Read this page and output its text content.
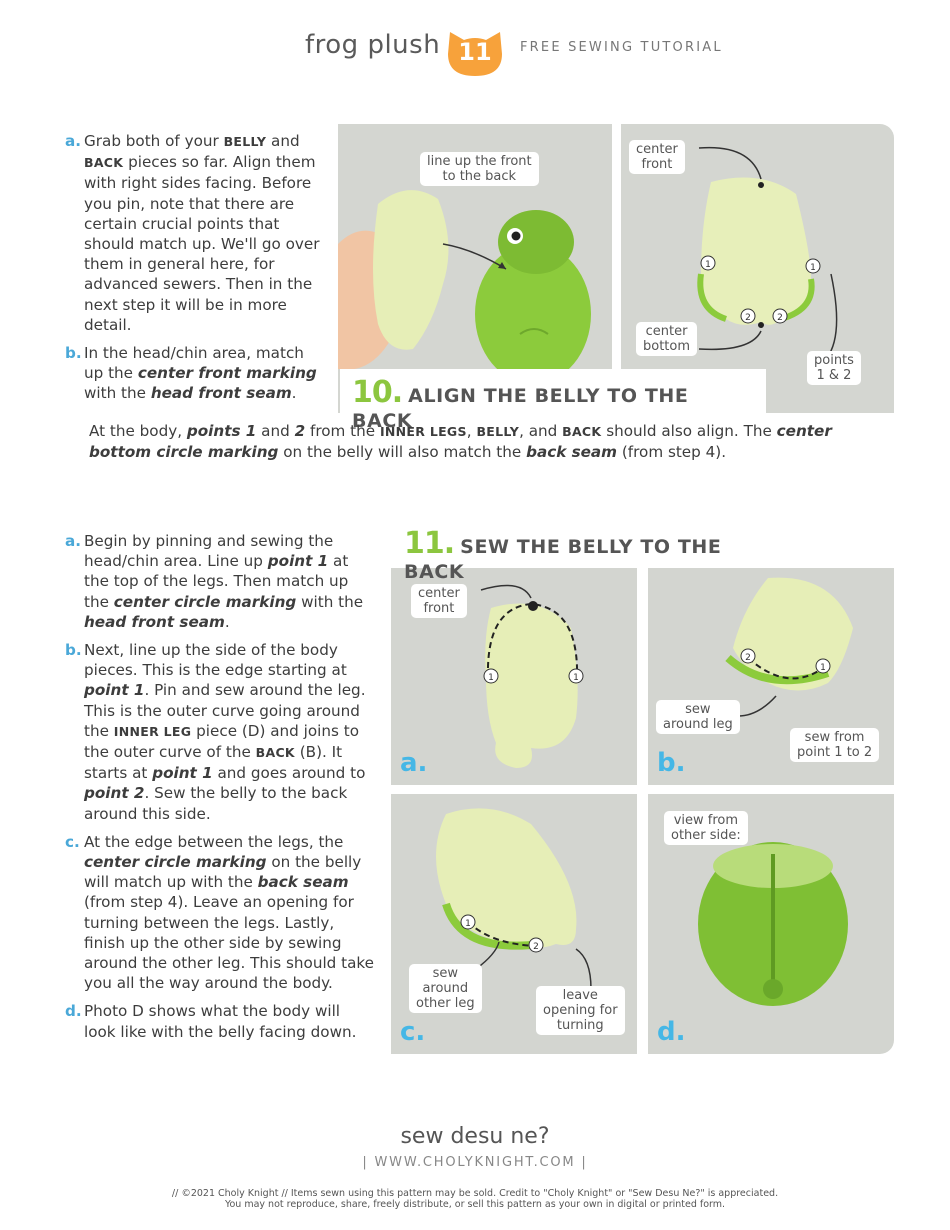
frog plush 11	FREE SEWING TUTORIAL
a. Grab both of your BELLY and BACK pieces so far. Align them with right sides facing. Before you pin, note that there are certain crucial points that should match up. We'll go over them in general here, for advanced sewers. Then in the next step it will be in more detail.
b. In the head/chin area, match up the center front marking with the head front seam.
line up the front
to the back
1	1
2	2
center
front
center
bottom
points
1 & 2
10. ALIGN THE BELLY TO THE BACK
At the body, points 1 and 2 from the INNER LEGS, BELLY, and BACK should also align. The center bottom circle marking on the belly will also match the back seam (from step 4).
a. Begin by pinning and sewing the head/chin area. Line up point 1 at the top of the legs. Then match up the center circle marking with the head front seam.
b. Next, line up the side of the body pieces. This is the edge starting at point 1. Pin and sew around the leg. This is the outer curve going around the INNER LEG piece (D) and joins to the outer curve of the BACK (B). It starts at point 1 and goes around to point 2. Sew the belly to the back around this side.
c. At the edge between the legs, the center circle marking on the belly will match up with the back seam (from step 4). Leave an opening for turning between the legs. Lastly, finish up the other side by sewing around the other leg. This should take you all the way around the body.
d. Photo D shows what the body will look like with the belly facing down.
1	1
center
front
a.
2
1
sew
around leg
sew from
point 1 to 2
b.
1
2
sew
around
other leg
leave
opening for
turning
c.
view from
other side:
d.
11. SEW THE BELLY TO THE BACK
sew desu ne?
| WWW.CHOLYKNIGHT.COM |
// ©2021 Choly Knight // Items sewn using this pattern may be sold. Credit to "Choly Knight" or "Sew Desu Ne?" is appreciated.
You may not reproduce, share, freely distribute, or sell this pattern as your own in digital or printed form.
